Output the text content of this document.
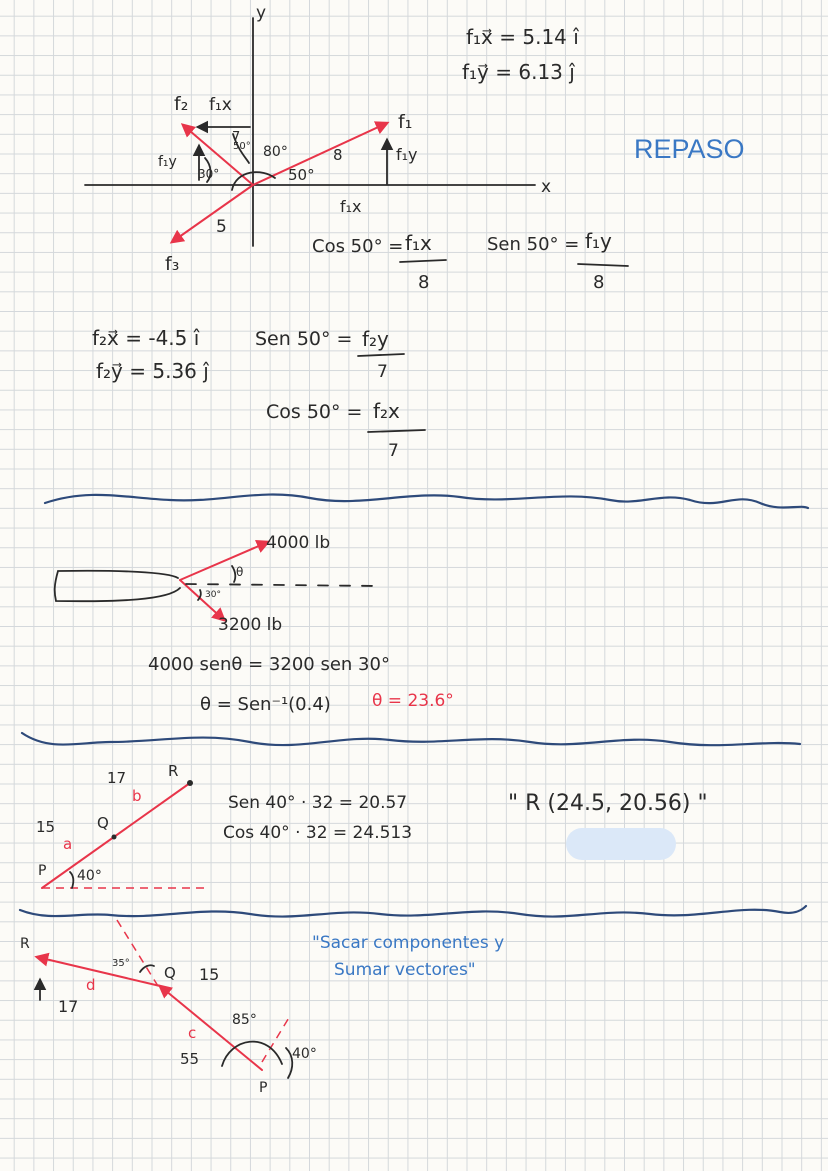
y
x
f₁
f₂
f₃
f₁x
f₁y	f₁y
f₁x
8
5
7
80°
50°
50°
30°
f₁x⃗ = 5.14 î
f₁y⃗ = 6.13 ĵ
REPASO
Cos 50° = f₁x
8
Sen 50° = f₁y
8
f₂x⃗ = -4.5 î
f₂y⃗ = 5.36 ĵ
Sen 50° = f₂y
7
Cos 50° = f₂x
7
4000 lb
3200 lb
θ
30°
4000 senθ = 3200 sen 30°
θ = Sen⁻¹(0.4) θ = 23.6°
R
Q
P
17
15
a
b
40°
Sen 40° · 32 = 20.57
Cos 40° · 32 = 24.513
" R (24.5, 20.56) "
R
Q
P
15
17
55
c
d
35°
85°
40°
"Sacar componentes y
Sumar vectores"
